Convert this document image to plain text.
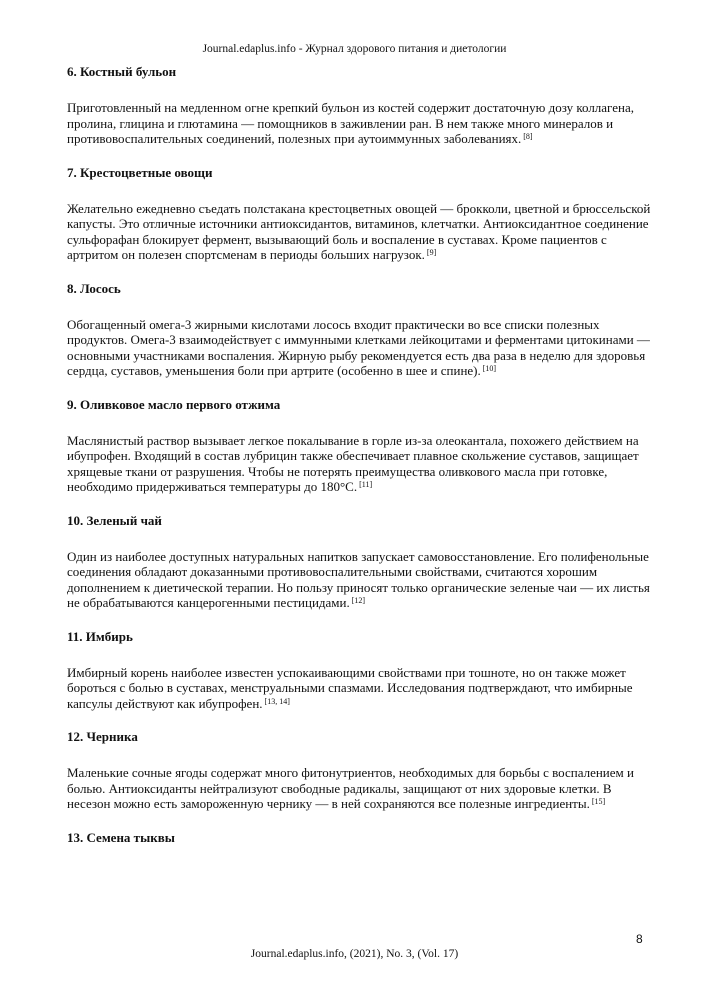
Journal.edaplus.info - Журнал здорового питания и диетологии
6. Костный бульон

Приготовленный на медленном огне крепкий бульон из костей содержит достаточную дозу коллагена, пролина, глицина и глютамина — помощников в заживлении ран. В нем также много минералов и противовоспалительных соединений, полезных при аутоиммунных заболеваниях. [8]

7. Крестоцветные овощи

Желательно ежедневно съедать полстакана крестоцветных овощей — брокколи, цветной и брюссельской капусты. Это отличные источники антиоксидантов, витаминов, клетчатки. Антиоксидантное соединение сульфорафан блокирует фермент, вызывающий боль и воспаление в суставах. Кроме пациентов с артритом он полезен спортсменам в периоды больших нагрузок. [9]

8. Лосось

Обогащенный омега-3 жирными кислотами лосось входит практически во все списки полезных продуктов. Омега-3 взаимодействует с иммунными клетками лейкоцитами и ферментами цитокинами — основными участниками воспаления. Жирную рыбу рекомендуется есть два раза в неделю для здоровья сердца, суставов, уменьшения боли при артрите (особенно в шее и спине). [10]

9. Оливковое масло первого отжима

Маслянистый раствор вызывает легкое покалывание в горле из-за олеокантала, похожего действием на ибупрофен. Входящий в состав лубрицин также обеспечивает плавное скольжение суставов, защищает хрящевые ткани от разрушения. Чтобы не потерять преимущества оливкового масла при готовке, необходимо придерживаться температуры до 180°C. [11]

10. Зеленый чай

Один из наиболее доступных натуральных напитков запускает самовосстановление. Его полифенольные соединения обладают доказанными противовоспалительными свойствами, считаются хорошим дополнением к диетической терапии. Но пользу приносят только органические зеленые чаи — их листья не обрабатываются канцерогенными пестицидами. [12]

11. Имбирь

Имбирный корень наиболее известен успокаивающими свойствами при тошноте, но он также может бороться с болью в суставах, менструальными спазмами. Исследования подтверждают, что имбирные капсулы действуют как ибупрофен. [13, 14]

12. Черника

Маленькие сочные ягоды содержат много фитонутриентов, необходимых для борьбы с воспалением и болью. Антиоксиданты нейтрализуют свободные радикалы, защищают от них здоровые клетки. В несезон можно есть замороженную чернику — в ней сохраняются все полезные ингредиенты. [15]

13. Семена тыквы
8
Journal.edaplus.info, (2021), No. 3, (Vol. 17)
